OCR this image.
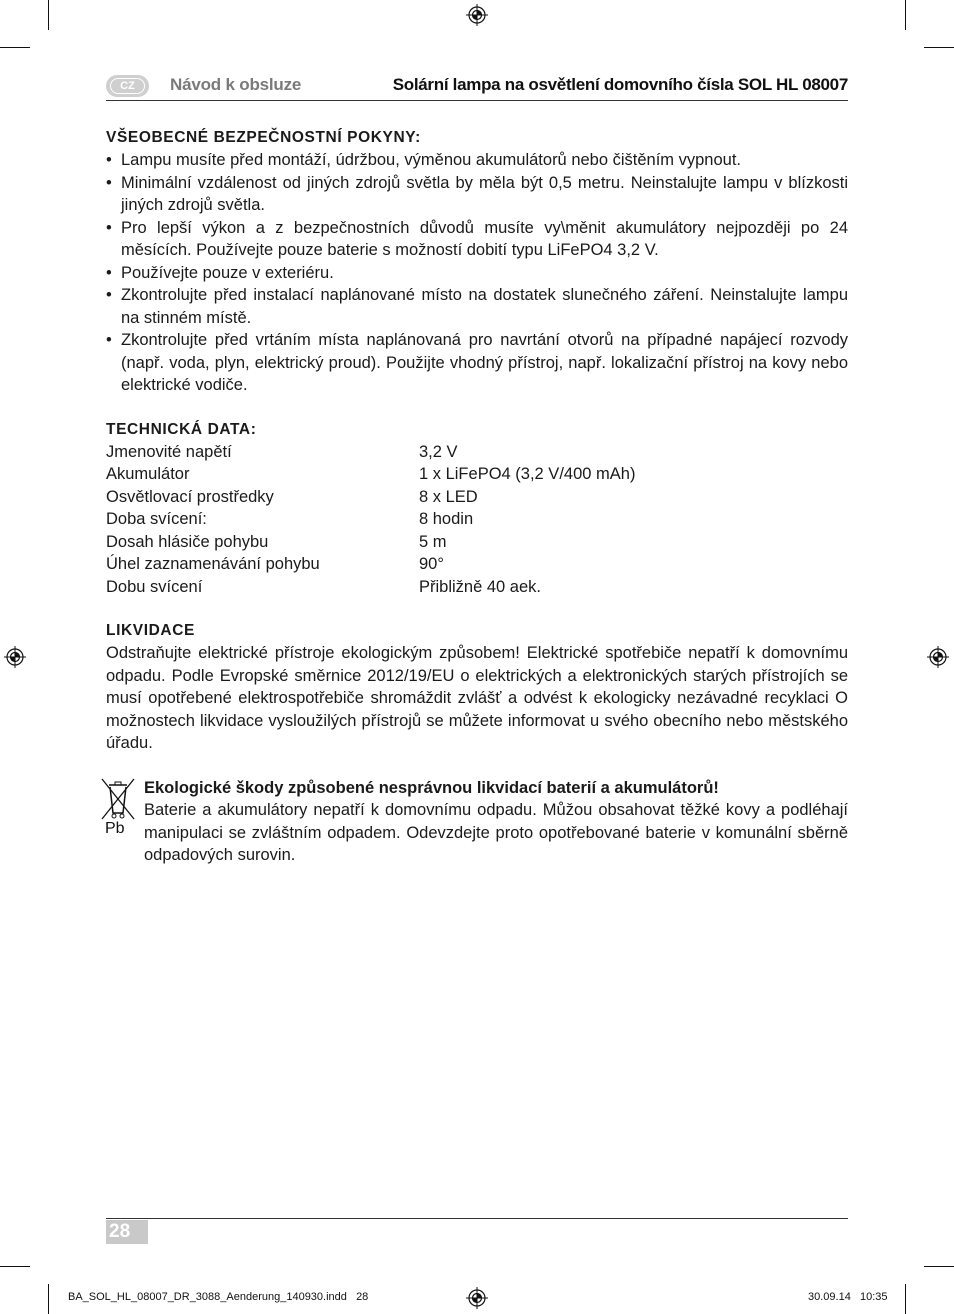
CZ	Návod k obsluze	Solární lampa na osvětlení domovního čísla SOL HL 08007
VŠEOBECNÉ BEZPEČNOSTNÍ POKYNY:
• Lampu musíte před montáží, údržbou, výměnou akumulátorů nebo čištěním vypnout.
• Minimální vzdálenost od jiných zdrojů světla by měla být 0,5 metru. Neinstalujte lampu v blízkosti jiných zdrojů světla.
• Pro lepší výkon a z bezpečnostních důvodů musíte vy\měnit akumulátory nejpozději po 24 měsících. Používejte pouze baterie s možností dobití typu LiFePO4 3,2 V.
• Používejte pouze v exteriéru.
• Zkontrolujte před instalací naplánované místo na dostatek slunečného záření. Neinstalujte lampu na stinném místě.
• Zkontrolujte před vrtáním místa naplánovaná pro navrtání otvorů na případné napájecí rozvody (např. voda, plyn, elektrický proud). Použijte vhodný přístroj, např. lokalizační přístroj na kovy nebo elektrické vodiče.
TECHNICKÁ DATA:
Jmenovité napětí	3,2 V
Akumulátor	1 x LiFePO4 (3,2 V/400 mAh)
Osvětlovací prostředky	8 x LED
Doba svícení:	8 hodin
Dosah hlásiče pohybu	5 m
Úhel zaznamenávání pohybu	90°
Dobu svícení	Přibližně 40 aek.
LIKVIDACE

Odstraňujte elektrické přístroje ekologickým způsobem! Elektrické spotřebiče nepatří k domovnímu odpadu. Podle Evropské směrnice 2012/19/EU o elektrických a elektronických starých přístrojích se musí opotřebené elektrospotřebiče shromáždit zvlášť a odvést k ekologicky nezávadné recyklaci O možnostech likvidace vysloužilých přístrojů se můžete informovat u svého obecního nebo městského úřadu.

Pb
Ekologické škody způsobené nesprávnou likvidací baterií a akumulátorů!

Baterie a akumulátory nepatří k domovnímu odpadu. Můžou obsahovat těžké kovy a podléhají manipulaci se zvláštním odpadem. Odevzdejte proto opotřebované baterie v komunální sběrně odpadových surovin.

28
BA_SOL_HL_08007_DR_3088_Aenderung_140930.indd   28	30.09.14   10:35
